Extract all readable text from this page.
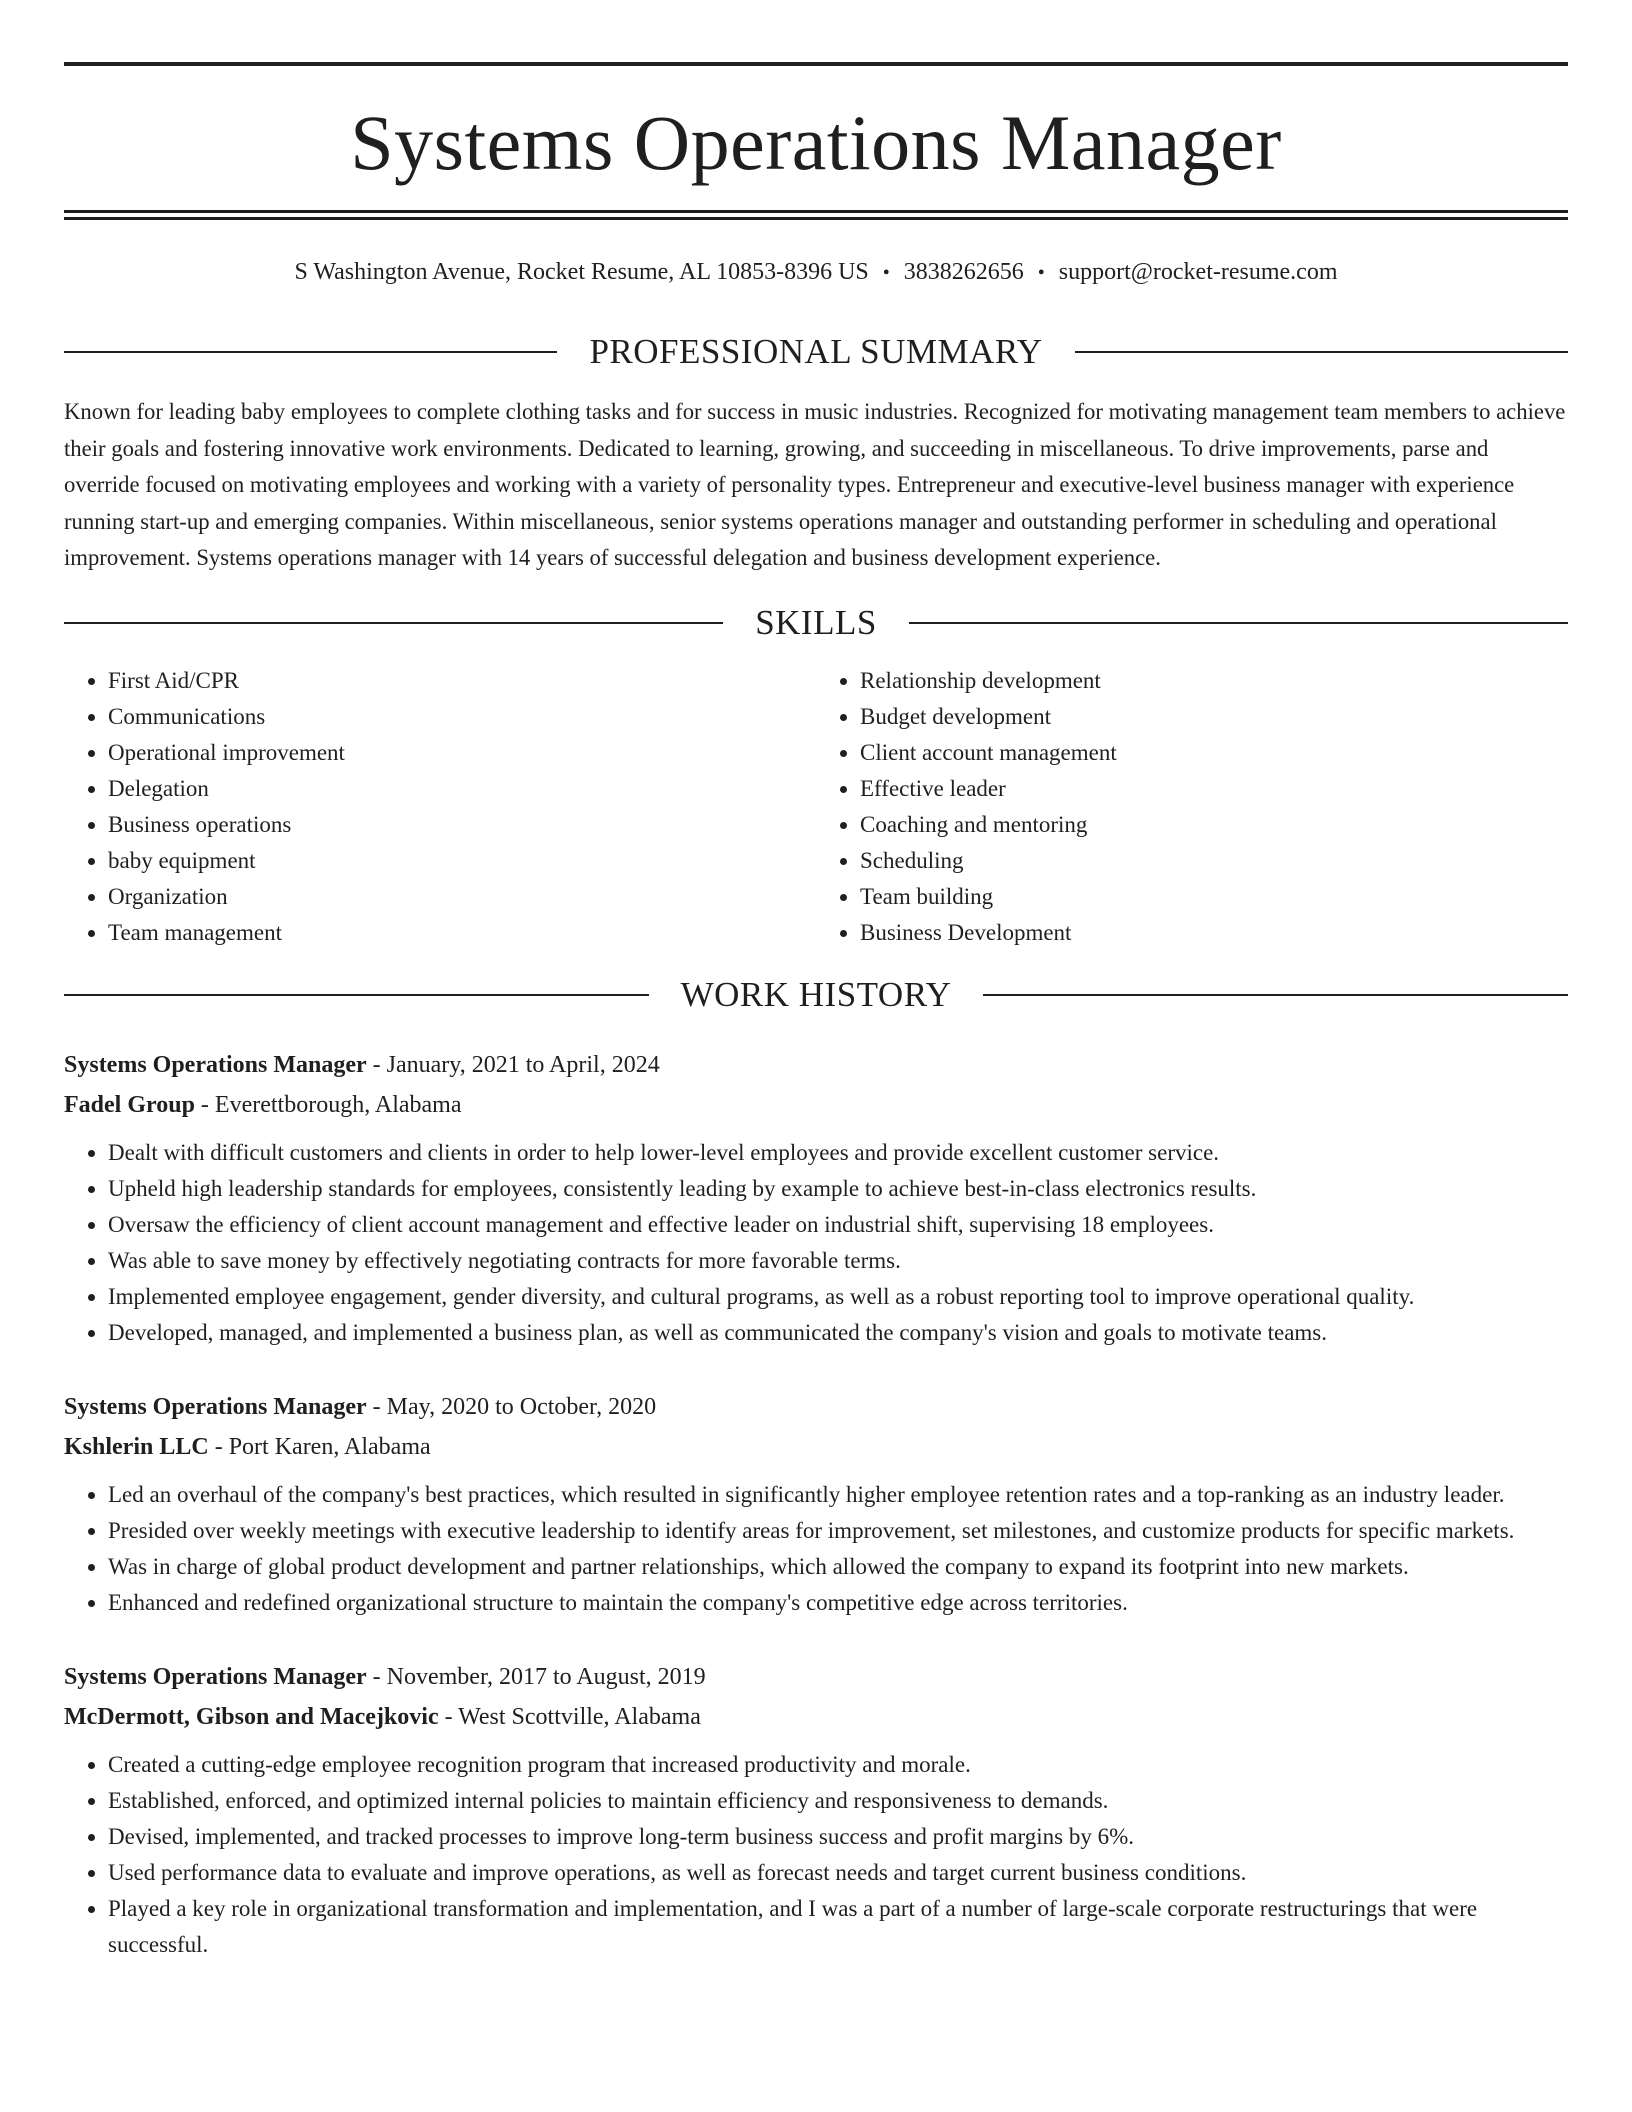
Systems Operations Manager
S Washington Avenue, Rocket Resume, AL 10853-8396 US • 3838262656 • support@rocket-resume.com
PROFESSIONAL SUMMARY
Known for leading baby employees to complete clothing tasks and for success in music industries. Recognized for motivating management team members to achieve their goals and fostering innovative work environments. Dedicated to learning, growing, and succeeding in miscellaneous. To drive improvements, parse and override focused on motivating employees and working with a variety of personality types. Entrepreneur and executive-level business manager with experience running start-up and emerging companies. Within miscellaneous, senior systems operations manager and outstanding performer in scheduling and operational improvement. Systems operations manager with 14 years of successful delegation and business development experience.
SKILLS
• First Aid/CPR
• Communications
• Operational improvement
• Delegation
• Business operations
• baby equipment
• Organization
• Team management
• Relationship development
• Budget development
• Client account management
• Effective leader
• Coaching and mentoring
• Scheduling
• Team building
• Business Development
WORK HISTORY
Systems Operations Manager - January, 2021 to April, 2024
Fadel Group - Everettborough, Alabama
• Dealt with difficult customers and clients in order to help lower-level employees and provide excellent customer service.
• Upheld high leadership standards for employees, consistently leading by example to achieve best-in-class electronics results.
• Oversaw the efficiency of client account management and effective leader on industrial shift, supervising 18 employees.
• Was able to save money by effectively negotiating contracts for more favorable terms.
• Implemented employee engagement, gender diversity, and cultural programs, as well as a robust reporting tool to improve operational quality.
• Developed, managed, and implemented a business plan, as well as communicated the company's vision and goals to motivate teams.
Systems Operations Manager - May, 2020 to October, 2020
Kshlerin LLC - Port Karen, Alabama
• Led an overhaul of the company's best practices, which resulted in significantly higher employee retention rates and a top-ranking as an industry leader.
• Presided over weekly meetings with executive leadership to identify areas for improvement, set milestones, and customize products for specific markets.
• Was in charge of global product development and partner relationships, which allowed the company to expand its footprint into new markets.
• Enhanced and redefined organizational structure to maintain the company's competitive edge across territories.
Systems Operations Manager - November, 2017 to August, 2019
McDermott, Gibson and Macejkovic - West Scottville, Alabama
• Created a cutting-edge employee recognition program that increased productivity and morale.
• Established, enforced, and optimized internal policies to maintain efficiency and responsiveness to demands.
• Devised, implemented, and tracked processes to improve long-term business success and profit margins by 6%.
• Used performance data to evaluate and improve operations, as well as forecast needs and target current business conditions.
• Played a key role in organizational transformation and implementation, and I was a part of a number of large-scale corporate restructurings that were successful.
